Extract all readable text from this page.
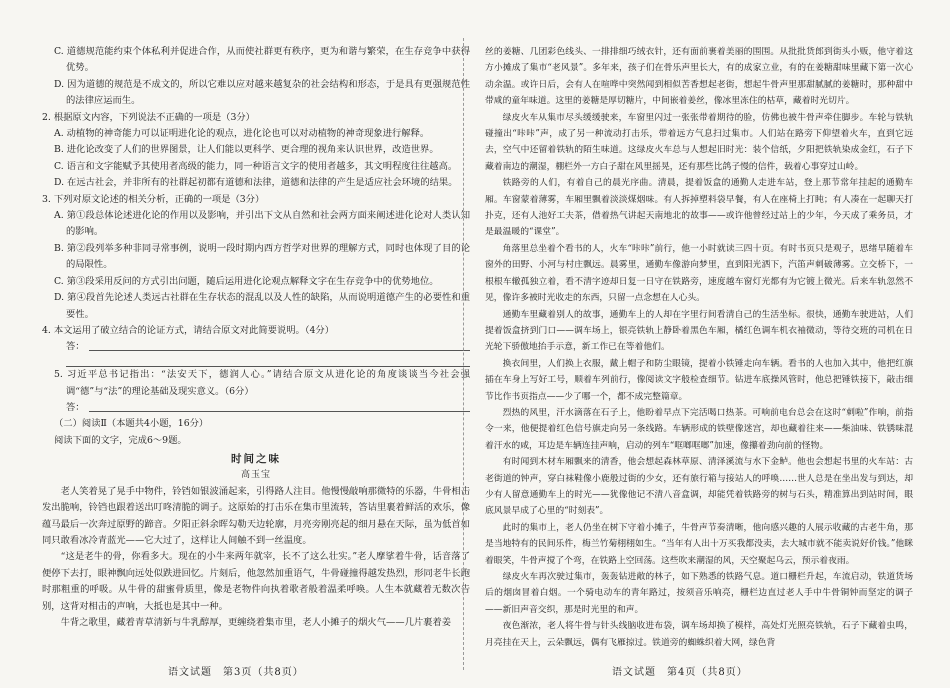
C. 道德规范能约束个体私利并促进合作，从而使社群更有秩序，更为和谐与繁荣，在生存竞争中获得优势。

D. 因为道德的规范是不成文的，所以它难以应对越来越复杂的社会结构和形态，于是具有更强规范性的法律应运而生。

2. 根据原文内容，下列说法不正确的一项是（3分）

A. 动植物的神奇能力可以证明进化论的观点，进化论也可以对动植物的神奇现象进行解释。

B. 进化论改变了人们的世界图景，让人们能以更科学、更合理的视角来认识世界，改造世界。

C. 语言和文字能赋予其使用者高级的能力，同一种语言文字的使用者越多，其文明程度往往越高。

D. 在远古社会，并非所有的社群起初都有道德和法律，道德和法律的产生是适应社会环境的结果。

3. 下列对原文论述的相关分析，正确的一项是（3分）

A. 第①段总体论述进化论的作用以及影响，并引出下文从自然和社会两方面来阐述进化论对人类认知的影响。

B. 第②段列举多种非同寻常事例，说明一段时期内西方哲学对世界的理解方式，同时也体现了目的论的局限性。

C. 第③段采用反问的方式引出问题，随后运用进化论观点解释文字在生存竞争中的优势地位。

D. 第④段首先论述人类远古社群在生存状态的混乱以及人性的缺陷，从而说明道德产生的必要性和重要性。

4. 本文运用了破立结合的论证方式，请结合原文对此简要说明。（4分）

答：

5. 习近平总书记指出：“法安天下，德润人心。”请结合原文从进化论的角度谈谈当今社会强调“德”与“法”的理论基础及现实意义。（6分）

答：

（二）阅读Ⅱ（本题共4小题，16分）

阅读下面的文字，完成6～9题。

时间之味

高玉宝

老人笑着晃了晃手中物件，铃铛如银波涌起来，引得路人注目。他慢慢敲响那微特的乐器，牛骨相击发出脆响，铃铛也跟着送出叮咚清脆的调子。这原始的打击乐在集市里流转，答诘里裹着鲜活的欢乐，像蕴马最后一次奔过原野的蹄音。夕阳正斜余晖勾勒天边轮廓，月亮旁刚亮起的细月悬在天际，虽为低首如同只敢看冰冷青蓝光——它大过了，这样让人间触不到一丝温度。

“这是老牛的骨，你看多大。现在的小牛来两年就宰，长不了这么壮实。”老人摩挲着牛骨，话音落了便停下去打，眼神飘向远处似跌进回忆。片刻后，他忽然加重语气，牛骨碰撞得越发热烈，形同老牛长跑时那粗重的呼吸。从牛骨的甜蜜骨质里，像是老物件向执着歌者般着温柔呼唤。人生本就藏着无数次告别，这背对相击的声响，大抵也是其中一种。

牛背之歌里，藏着青草清新与牛乳醇厚，更缠绕着集市里，老人小摊子的烟火气——几片裹着姜

丝的姜糖、几团彩色线头、一排排细巧绒衣针，还有面前裹着美丽的围围。从批批货郎到街头小贩，他守着这方小摊成了集市“老风景”。多年来，孩子们在骨乐声里长大，有的成家立业，有的在姜糖甜味里藏下第一次心动余温。或许日后，会有人在喧哗中突然闻到相似苦香想起老街，想起牛骨声里那甜腻腻的姜糖时，那种甜中带咸的童年味道。这里的姜糖是厚切糖片，中间嵌着姜丝，像冰里冻住的枯草，藏着时光切片。

绿皮火车从集市尽头缓缓驶来，车窗里闪过一张张带着期待的脸，仿佛也被牛骨声牵住脚步。车轮与铁轨碰撞出“咔咔”声，成了另一种流动打击乐，带着远方气息扫过集市。人们站在路旁下仰望着火车，直到它远去，空气中还留着铁轨的陌生味道。这绿皮火车总与人想起旧时光：装个信纸，夕阳把铁轨染成金红，石子下藏着南边的潮湿，棚栏外一方白子甜在风里摇晃，还有那些比鸽子慢的信件，载着心事穿过山岭。

铁路旁的人们，有着自己的晨光序曲。清晨，提着饭盒的通勤人走进车站，登上那节常年挂起的通勤车厢。车窗蒙着薄雾，车厢里飘着淡淡煤烟味。有人拆掉塑料袋早餐，有人在座椅上打盹；有人凑在一起聊天打扑克，还有人池好工夫茶，借着热气讲起天南地北的故事——或许他曾经过站上的少年，今天成了乘务员，才是最温暖的“课堂”。

角落里总坐着个看书的人，火车“咔咔”前行，他一小时就读三四十页。有时书页只是观子，思绪早随着车窗外的田野、小河与村庄飘远。晨雾里，通勤车像游向梦里，直到阳光洒下，汽笛声刺破薄雾。立交桥下，一根根车辙孤独立着，看不清字迹却日复一日守在铁路旁，速度越车窗灯光都有为它镀上微光。后来车轨忽然不见，像许多被时光收走的东西，只留一点念想在人心头。

通勤车里藏着别人的故事，通勤车上的人却在字里行间看清自己的生活坐标。很快，通勤车驶进站，人们提着饭盒挤到门口——调车场上，银亮铁轨上静卧着黑色车厢，橘红色调车机衣袖微动，等待交班的司机在日光轮下骄傲地抬手示意，新工作已在等着他们。

换衣间里，人们换上衣服，戴上帽子和防尘眼镜，提着小铁锤走向车辆。看书的人也加入其中，他把红旗插在车身上写好工号，顺着车列前行，像阅读文字般检查细节。钻进车底操风管时，他总把锤铁接下，敲击细节比作书页指点——少了哪一个，都不成完整篇章。

烈热的风里，汗水滴落在石子上，他盼着早点下完活喝口热茶。可响前电台总会在这时“刺啦”作响，前指令一来，他便提着红色信号旗走向另一条线路。车辆形成的铁壁像迷宫，却也藏着往来——柴油味、铁锈味混着汗水的咸，耳边是车辆连挂声响，启动的列车“哐啷哐啷”加速，像攥着劲向前的怪物。

有时闻到木材车厢飘来的清香，他会想起森林草原、清泽溪流与水下金鲈。他也会想起书里的火车站：古老街道的钟声，穿白袜鞋像小鹿般过街的少女，还有旅行箱与接站人的呼唤……世人总是在坐出发与到达，却少有人留意通勤车上的时光——犹像他记不清八音盒调，却能凭着铁路旁的树与石头，精准算出到站时间，眼底风景早成了心里的“时刻表”。

此时的集市上，老人仍坐在树下守着小摊子，牛骨声节奏清晰，他向感兴趣的人展示收藏的古老牛角，那是当地特有的民间乐件，梅兰竹菊栩栩如生。“当年有人出十万买我都没卖，去大城市就不能卖说好价钱。”他眯着眼笑，牛骨声搅了个弯，在铁路上空回荡。这些吹来潮湿的风，天空聚起乌云，预示着夜雨。

绿皮火车再次驶过集市，轰轰钻进敞的林子，如下熟悉的铁路气息。道口栅栏升起，车流启动，铁道货场后的烟囱冒着白烟。一个骑电动车的青年路过，按须音乐响亮，栅栏边直过老人手中牛骨铜钟而坚定的调子——新旧声音交织，那是时光里的和声。

夜色渐浓，老人将牛骨与针头线脑收进布袋，调车场却换了模样，高处灯光照亮铁轨，石子下藏着虫鸣，月亮挂在天上，云朵飘远，偶有飞雁掠过。铁道旁的蜘蛛织着大网，绿色背

语文试题　第3页（共8页）	语文试题　第4页（共8页）
